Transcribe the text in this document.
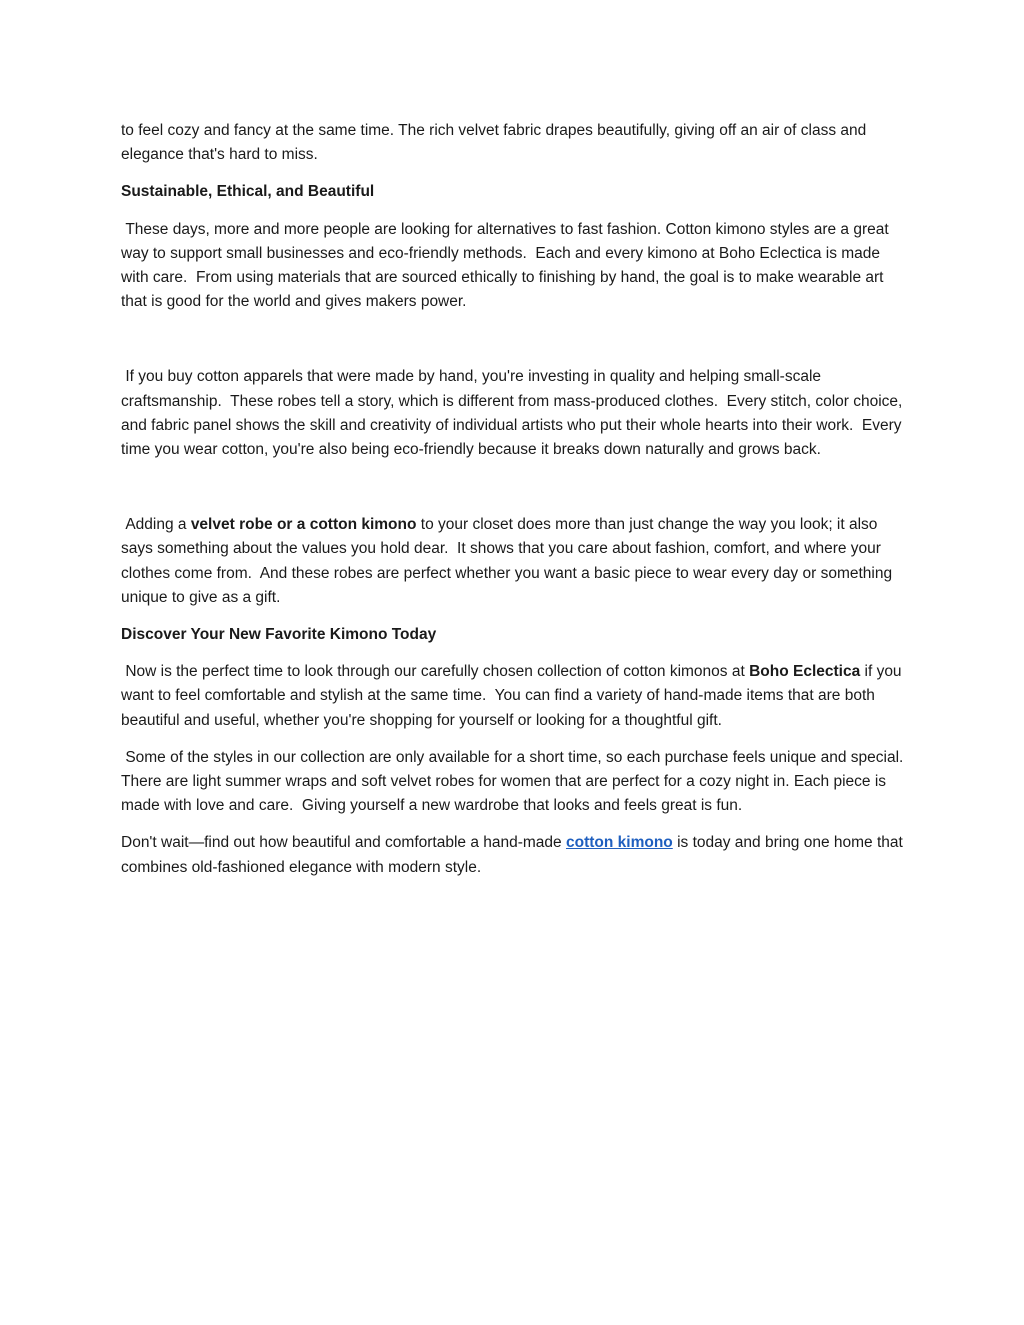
to feel cozy and fancy at the same time. The rich velvet fabric drapes beautifully, giving off an air of class and elegance that's hard to miss.

Sustainable, Ethical, and Beautiful

These days, more and more people are looking for alternatives to fast fashion. Cotton kimono styles are a great way to support small businesses and eco-friendly methods.  Each and every kimono at Boho Eclectica is made with care.  From using materials that are sourced ethically to finishing by hand, the goal is to make wearable art that is good for the world and gives makers power.

If you buy cotton apparels that were made by hand, you're investing in quality and helping small-scale craftsmanship.  These robes tell a story, which is different from mass-produced clothes.  Every stitch, color choice, and fabric panel shows the skill and creativity of individual artists who put their whole hearts into their work.  Every time you wear cotton, you're also being eco-friendly because it breaks down naturally and grows back.

Adding a velvet robe or a cotton kimono to your closet does more than just change the way you look; it also says something about the values you hold dear.  It shows that you care about fashion, comfort, and where your clothes come from.  And these robes are perfect whether you want a basic piece to wear every day or something unique to give as a gift.

Discover Your New Favorite Kimono Today

Now is the perfect time to look through our carefully chosen collection of cotton kimonos at Boho Eclectica if you want to feel comfortable and stylish at the same time.  You can find a variety of hand-made items that are both beautiful and useful, whether you're shopping for yourself or looking for a thoughtful gift.

Some of the styles in our collection are only available for a short time, so each purchase feels unique and special.  There are light summer wraps and soft velvet robes for women that are perfect for a cozy night in. Each piece is made with love and care.  Giving yourself a new wardrobe that looks and feels great is fun.

Don't wait—find out how beautiful and comfortable a hand-made cotton kimono is today and bring one home that combines old-fashioned elegance with modern style.
